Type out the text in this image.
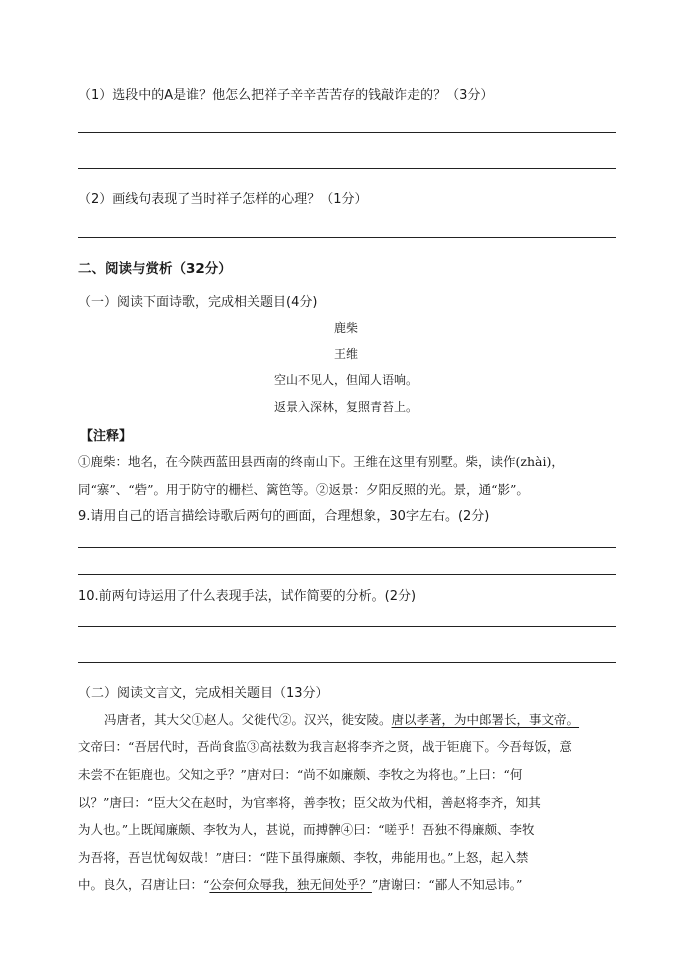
（1）选段中的A是谁？他怎么把祥子辛辛苦苦存的钱敲诈走的？（3分）
（2）画线句表现了当时祥子怎样的心理？（1分）
二、阅读与赏析（32分）
（一）阅读下面诗歌，完成相关题目(4分)
鹿柴
王维
空山不见人，但闻人语响。
返景入深林，复照青苔上。
【注释】
①鹿柴：地名，在今陕西蓝田县西南的终南山下。王维在这里有别墅。柴，读作(zhài)，
同“寨”、“砦”。用于防守的栅栏、篱笆等。②返景：夕阳反照的光。景，通“影”。
9.请用自己的语言描绘诗歌后两句的画面，合理想象，30字左右。(2分)
10.前两句诗运用了什么表现手法，试作简要的分析。(2分)
（二）阅读文言文，完成相关题目（13分）
冯唐者，其大父①赵人。父徙代②。汉兴，徙安陵。唐以孝著，为中郎署长，事文帝。
文帝曰：“吾居代时，吾尚食监③高祛数为我言赵将李齐之贤，战于钜鹿下。今吾每饭，意
未尝不在钜鹿也。父知之乎？”唐对曰：“尚不如廉颇、李牧之为将也。”上曰：“何
以？”唐曰：“臣大父在赵时，为官率将，善李牧；臣父故为代相，善赵将李齐，知其
为人也。”上既闻廉颇、李牧为人，甚说，而搏髀④曰：“嗟乎！吾独不得廉颇、李牧
为吾将，吾岂忧匈奴哉！”唐曰：“陛下虽得廉颇、李牧，弗能用也。”上怒，起入禁
中。良久，召唐让曰：“公奈何众辱我，独无间处乎？”唐谢曰：“鄙人不知忌讳。”
